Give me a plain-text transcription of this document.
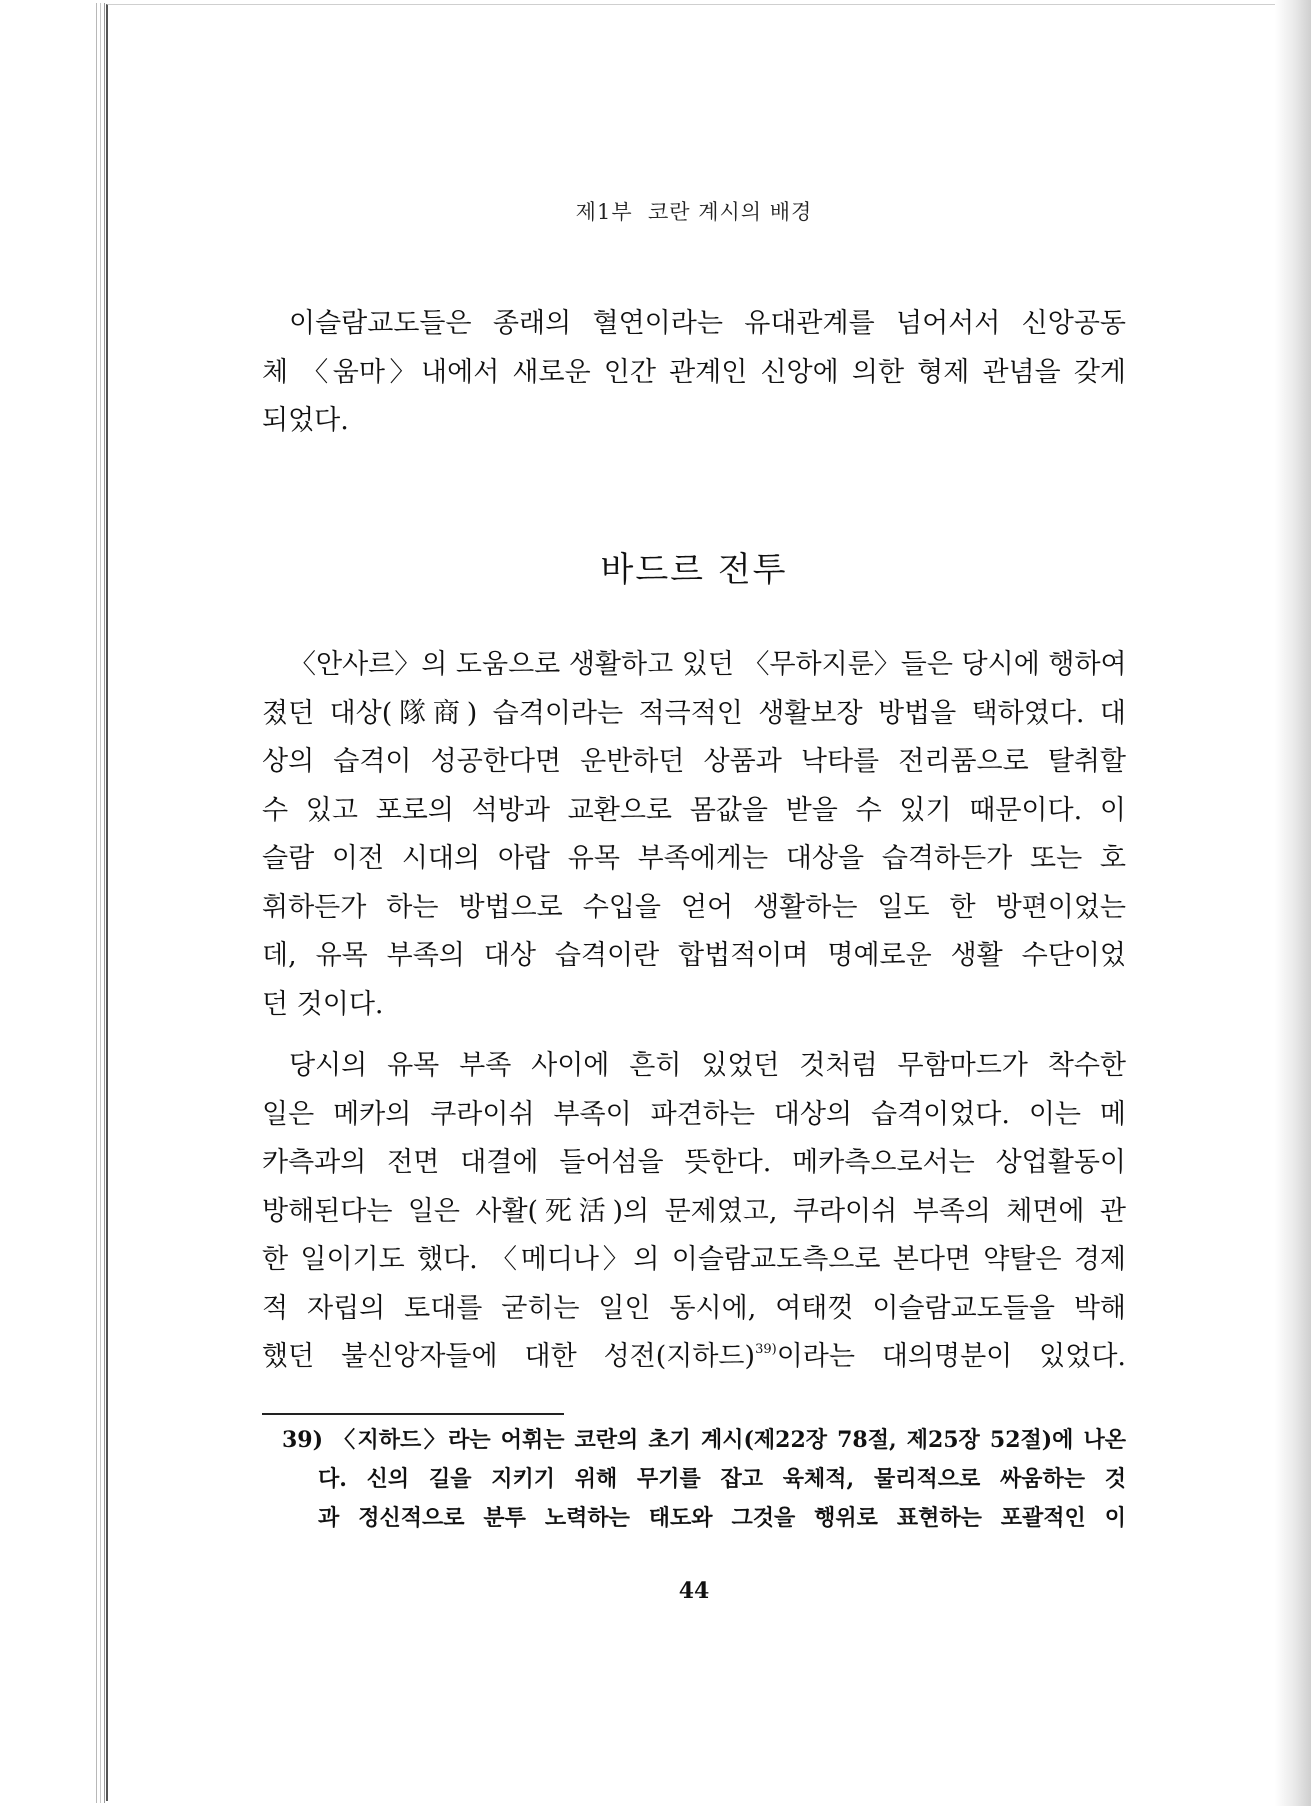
제1부  코란 계시의 배경
이슬람교도들은 종래의 혈연이라는 유대관계를 넘어서서 신앙공동
체 〈움마〉내에서 새로운 인간 관계인 신앙에 의한 형제 관념을 갖게
되었다.
바드르 전투
〈안사르〉의 도움으로 생활하고 있던 〈무하지룬〉들은 당시에 행하여
졌던 대상(隊商) 습격이라는 적극적인 생활보장 방법을 택하였다. 대
상의 습격이 성공한다면 운반하던 상품과 낙타를 전리품으로 탈취할
수 있고 포로의 석방과 교환으로 몸값을 받을 수 있기 때문이다. 이
슬람 이전 시대의 아랍 유목 부족에게는 대상을 습격하든가 또는 호
휘하든가 하는 방법으로 수입을 얻어 생활하는 일도 한 방편이었는
데, 유목 부족의 대상 습격이란 합법적이며 명예로운 생활 수단이었
던 것이다.
당시의 유목 부족 사이에 흔히 있었던 것처럼 무함마드가 착수한
일은 메카의 쿠라이쉬 부족이 파견하는 대상의 습격이었다. 이는 메
카측과의 전면 대결에 들어섬을 뜻한다. 메카측으로서는 상업활동이
방해된다는 일은 사활(死活)의 문제였고, 쿠라이쉬 부족의 체면에 관
한 일이기도 했다. 〈메디나〉의 이슬람교도측으로 본다면 약탈은 경제
적 자립의 토대를 굳히는 일인 동시에, 여태껏 이슬람교도들을 박해
했던 불신앙자들에 대한 성전(지하드)$^{39)}$이라는 대의명분이 있었다.
39) 〈지하드〉라는 어휘는 코란의 초기 계시(제22장 78절, 제25장 52절)에 나온
다. 신의 길을 지키기 위해 무기를 잡고 육체적, 물리적으로 싸움하는 것
과 정신적으로 분투 노력하는 태도와 그것을 행위로 표현하는 포괄적인 이
44
